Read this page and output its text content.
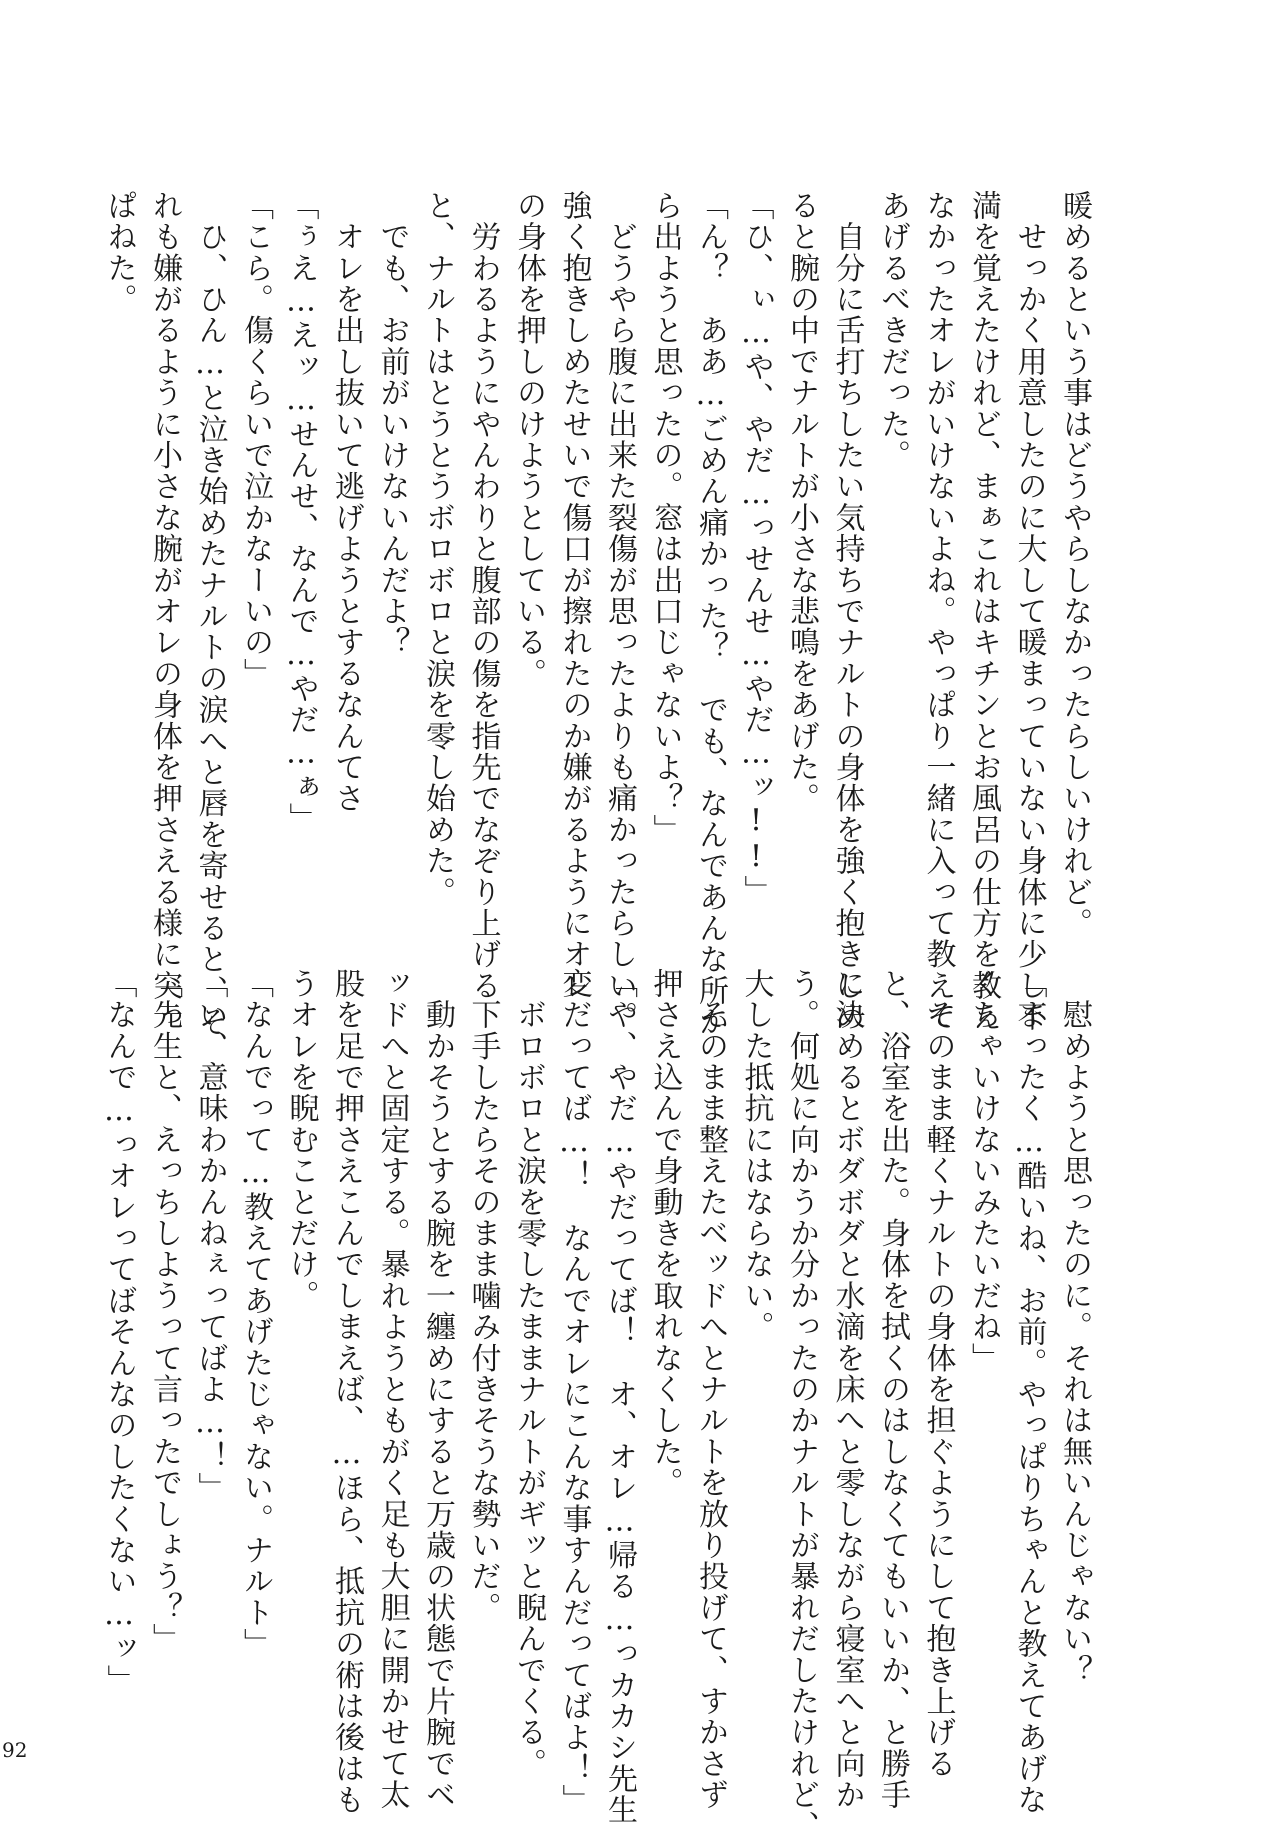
暖めるという事はどうやらしなかったらしいけれど。
　せっかく用意したのに大して暖まっていない身体に少し不
満を覚えたけれど、まぁこれはキチンとお風呂の仕方を教え
なかったオレがいけないよね。やっぱり一緒に入って教えて
あげるべきだった。
　自分に舌打ちしたい気持ちでナルトの身体を強く抱きしめ
ると腕の中でナルトが小さな悲鳴をあげた。
「ひ、ぃ…や、やだ…っせんせ…やだ…ッ!!」
「ん？　ああ…ごめん痛かった？　でも、なんであんな所か
ら出ようと思ったの。窓は出口じゃないよ？」
　どうやら腹に出来た裂傷が思ったよりも痛かったらしい。
強く抱きしめたせいで傷口が擦れたのか嫌がるようにオレ
の身体を押しのけようとしている。
　労わるようにやんわりと腹部の傷を指先でなぞり上げる
と、ナルトはとうとうボロボロと涙を零し始めた。
　でも、お前がいけないんだよ？
　オレを出し抜いて逃げようとするなんてさ
「ぅえ…えッ…せんせ、なんで…やだ…ぁ」
「こら。傷くらいで泣かなーいの」
　ひ、ひん…と泣き始めたナルトの涙へと唇を寄せると、そ
れも嫌がるように小さな腕がオレの身体を押さえる様に突っ
ぱねた。
　慰めようと思ったのに。それは無いんじゃない？
「まったく…酷いね、お前。やっぱりちゃんと教えてあげな
くちゃいけないみたいだね」
　そのまま軽くナルトの身体を担ぐようにして抱き上げる
と、浴室を出た。身体を拭くのはしなくてもいいか、と勝手
に決めるとボダボダと水滴を床へと零しながら寝室へと向か
う。何処に向かうか分かったのかナルトが暴れだしたけれど、
大した抵抗にはならない。
　そのまま整えたベッドへとナルトを放り投げて、すかさず
押さえ込んで身動きを取れなくした。
「や、やだ…やだってば！　オ、オレ…帰る…っカカシ先生
変だってば…！　なんでオレにこんな事すんだってばよ！」
　ボロボロと涙を零したままナルトがギッと睨んでくる。
　下手したらそのまま噛み付きそうな勢いだ。
　動かそうとする腕を一纏めにすると万歳の状態で片腕でベ
ッドへと固定する。暴れようともがく足も大胆に開かせて太
股を足で押さえこんでしまえば、…ほら、抵抗の術は後はも
うオレを睨むことだけ。
「なんでって…教えてあげたじゃない。ナルト」
「い、意味わかんねぇってばよ…！」
「先生と、えっちしようって言ったでしょう？」
「なんで…っオレってばそんなのしたくない…ッ」
92
